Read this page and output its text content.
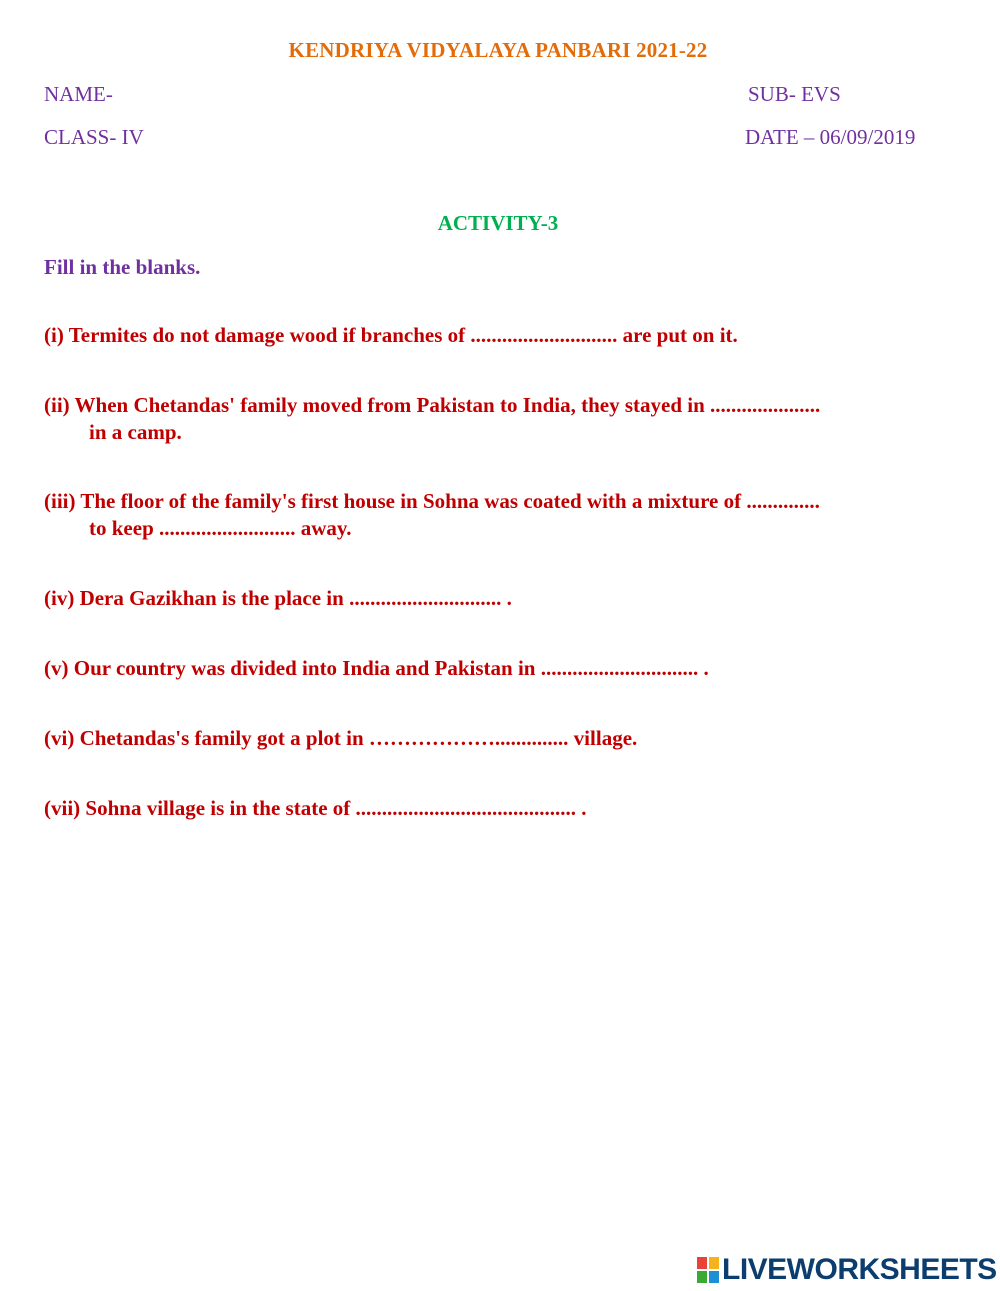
KENDRIYA VIDYALAYA PANBARI 2021-22
NAME-	SUB- EVS
CLASS- IV	DATE – 06/09/2019
ACTIVITY-3
Fill in the blanks.
(i) Termites do not damage wood if branches of ............................ are put on it.
(ii) When Chetandas' family moved from Pakistan to India, they stayed in .....................
in a camp.
(iii) The floor of the family's first house in Sohna was coated with a mixture of ..............
to keep .......................... away.
(iv) Dera Gazikhan is the place in ............................. .
(v) Our country was divided into India and Pakistan in .............................. .
(vi) Chetandas's family got a plot in ……………….............. village.
(vii) Sohna village is in the state of .......................................... .
LIVEWORKSHEETS
